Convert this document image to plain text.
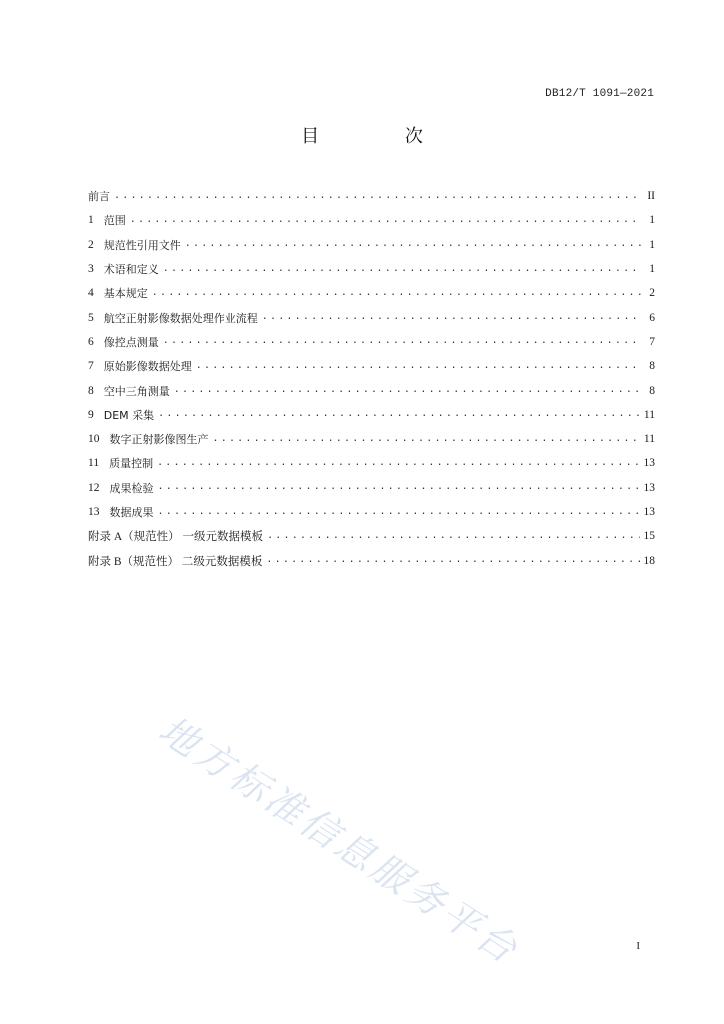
DB12/T 1091—2021
目 次
前言 .....	II
1 范围 .....	1
2 规范性引用文件 .....	1
3 术语和定义 .....	1
4 基本规定 .....	2
5 航空正射影像数据处理作业流程 .....	6
6 像控点测量 .....	7
7 原始影像数据处理 .....	8
8 空中三角测量 .....	8
9 DEM 采集 .....	11
10 数字正射影像图生产 .....	11
11 质量控制 .....	13
12 成果检验 .....	13
13 数据成果 .....	13
附录 A（规范性） 一级元数据模板 .....	15
附录 B（规范性） 二级元数据模板 .....	18
地方标准信息服务平台	I
